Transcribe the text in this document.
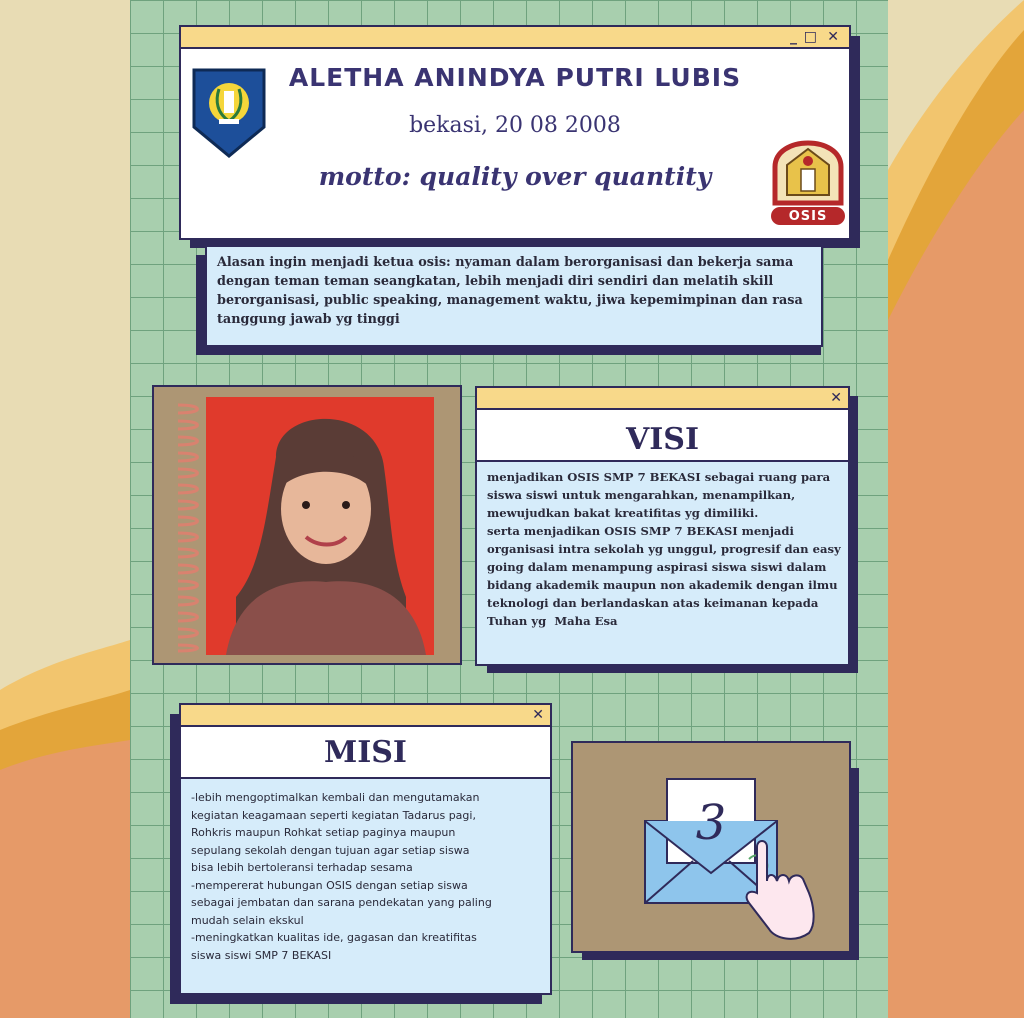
_ □ ✕
ALETHA ANINDYA PUTRI LUBIS
bekasi, 20 08 2008
motto: quality over quantity
OSIS
Alasan ingin menjadi ketua osis: nyaman dalam berorganisasi dan bekerja sama dengan teman teman seangkatan, lebih menjadi diri sendiri dan melatih skill berorganisasi, public speaking, management waktu, jiwa kepemimpinan dan rasa tanggung jawab yg tinggi
✕
VISI
menjadikan OSIS SMP 7 BEKASI sebagai ruang para
siswa siswi untuk mengarahkan, menampilkan,
mewujudkan bakat kreatifitas yg dimiliki.
serta menjadikan OSIS SMP 7 BEKASI menjadi
organisasi intra sekolah yg unggul, progresif dan easy
going dalam menampung aspirasi siswa siswi dalam
bidang akademik maupun non akademik dengan ilmu
teknologi dan berlandaskan atas keimanan kepada
Tuhan yg  Maha Esa
✕
MISI
-lebih mengoptimalkan kembali dan mengutamakan
kegiatan keagamaan seperti kegiatan Tadarus pagi,
Rohkris maupun Rohkat setiap paginya maupun
sepulang sekolah dengan tujuan agar setiap siswa
bisa lebih bertoleransi terhadap sesama
-mempererat hubungan OSIS dengan setiap siswa
sebagai jembatan dan sarana pendekatan yang paling
mudah selain ekskul
-meningkatkan kualitas ide, gagasan dan kreatifitas
siswa siswi SMP 7 BEKASI
3
